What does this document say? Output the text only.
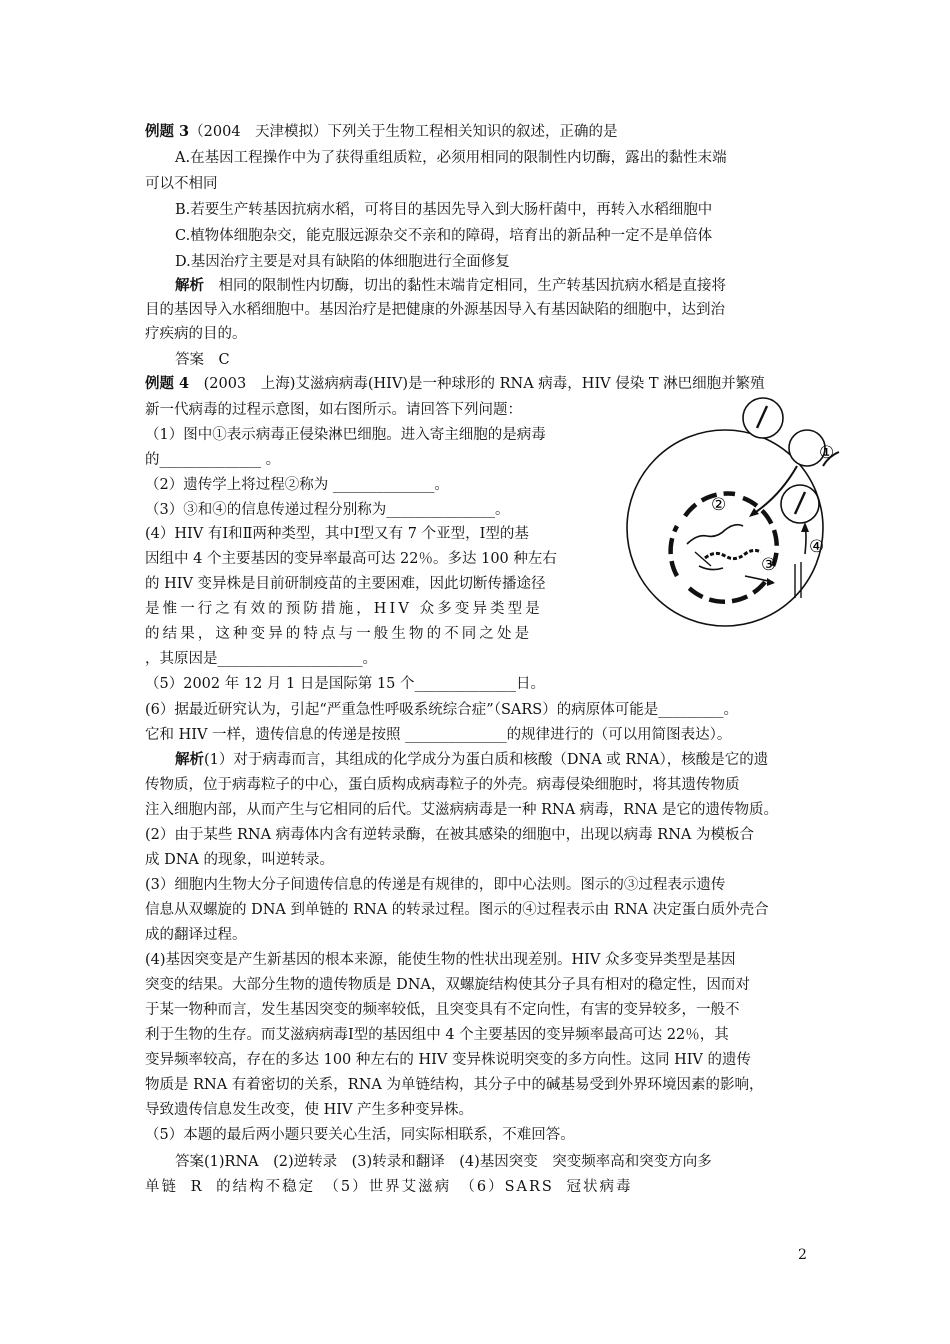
例题 3（2004　天津模拟）下列关于生物工程相关知识的叙述，正确的是
A.在基因工程操作中为了获得重组质粒，必须用相同的限制性内切酶，露出的黏性末端
可以不相同
B.若要生产转基因抗病水稻，可将目的基因先导入到大肠杆菌中，再转入水稻细胞中
C.植物体细胞杂交，能克服远源杂交不亲和的障碍，培育出的新品种一定不是单倍体
D.基因治疗主要是对具有缺陷的体细胞进行全面修复
解析　相同的限制性内切酶，切出的黏性末端肯定相同，生产转基因抗病水稻是直接将
目的基因导入水稻细胞中。基因治疗是把健康的外源基因导入有基因缺陷的细胞中，达到治
疗疾病的目的。
答案　C
例题 4　(2003　上海)艾滋病病毒(HIV)是一种球形的 RNA 病毒，HIV 侵染 T 淋巴细胞并繁殖
新一代病毒的过程示意图，如右图所示。请回答下列问题：
（1）图中①表示病毒正侵染淋巴细胞。进入寄主细胞的是病毒
的______________ 。
（2）遗传学上将过程②称为 ______________。
（3）③和④的信息传递过程分别称为_______________。
(4）HIV 有Ⅰ和Ⅱ两种类型，其中Ⅰ型又有 7 个亚型，Ⅰ型的基
因组中 4 个主要基因的变异率最高可达 22％。多达 100 种左右
的 HIV 变异株是目前研制疫苗的主要困难，因此切断传播途径
是惟一行之有效的预防措施，HIV 众多变异类型是
的结果，这种变异的特点与一般生物的不同之处是
，其原因是____________________。
（5）2002 年 12 月 1 日是国际第 15 个______________日。
(6）据最近研究认为，引起“严重急性呼吸系统综合症”（SARS）的病原体可能是_________。
它和 HIV 一样，遗传信息的传递是按照 ______________的规律进行的（可以用简图表达）。
解析(1）对于病毒而言，其组成的化学成分为蛋白质和核酸（DNA 或 RNA），核酸是它的遗
传物质，位于病毒粒子的中心，蛋白质构成病毒粒子的外壳。病毒侵染细胞时，将其遗传物质
注入细胞内部，从而产生与它相同的后代。艾滋病病毒是一种 RNA 病毒，RNA 是它的遗传物质。
(2）由于某些 RNA 病毒体内含有逆转录酶，在被其感染的细胞中，出现以病毒 RNA 为模板合
成 DNA 的现象，叫逆转录。
(3）细胞内生物大分子间遗传信息的传递是有规律的，即中心法则。图示的③过程表示遗传
信息从双螺旋的 DNA 到单链的 RNA 的转录过程。图示的④过程表示由 RNA 决定蛋白质外壳合
成的翻译过程。
(4)基因突变是产生新基因的根本来源，能使生物的性状出现差别。HIV 众多变异类型是基因
突变的结果。大部分生物的遗传物质是 DNA，双螺旋结构使其分子具有相对的稳定性，因而对
于某一物种而言，发生基因突变的频率较低，且突变具有不定向性，有害的变异较多，一般不
利于生物的生存。而艾滋病病毒Ⅰ型的基因组中 4 个主要基因的变异频率最高可达 22％，其
变异频率较高，存在的多达 100 种左右的 HIV 变异株说明突变的多方向性。这同 HIV 的遗传
物质是 RNA 有着密切的关系，RNA 为单链结构，其分子中的碱基易受到外界环境因素的影响，
导致遗传信息发生改变，使 HIV 产生多种变异株。
（5）本题的最后两小题只要关心生活，同实际相联系，不难回答。
答案(1)RNA　(2)逆转录　(3)转录和翻译　(4)基因突变　突变频率高和突变方向多
单链 R 的结构不稳定　（5）世界艾滋病　（6）SARS 冠状病毒
①
②
③
④
2
